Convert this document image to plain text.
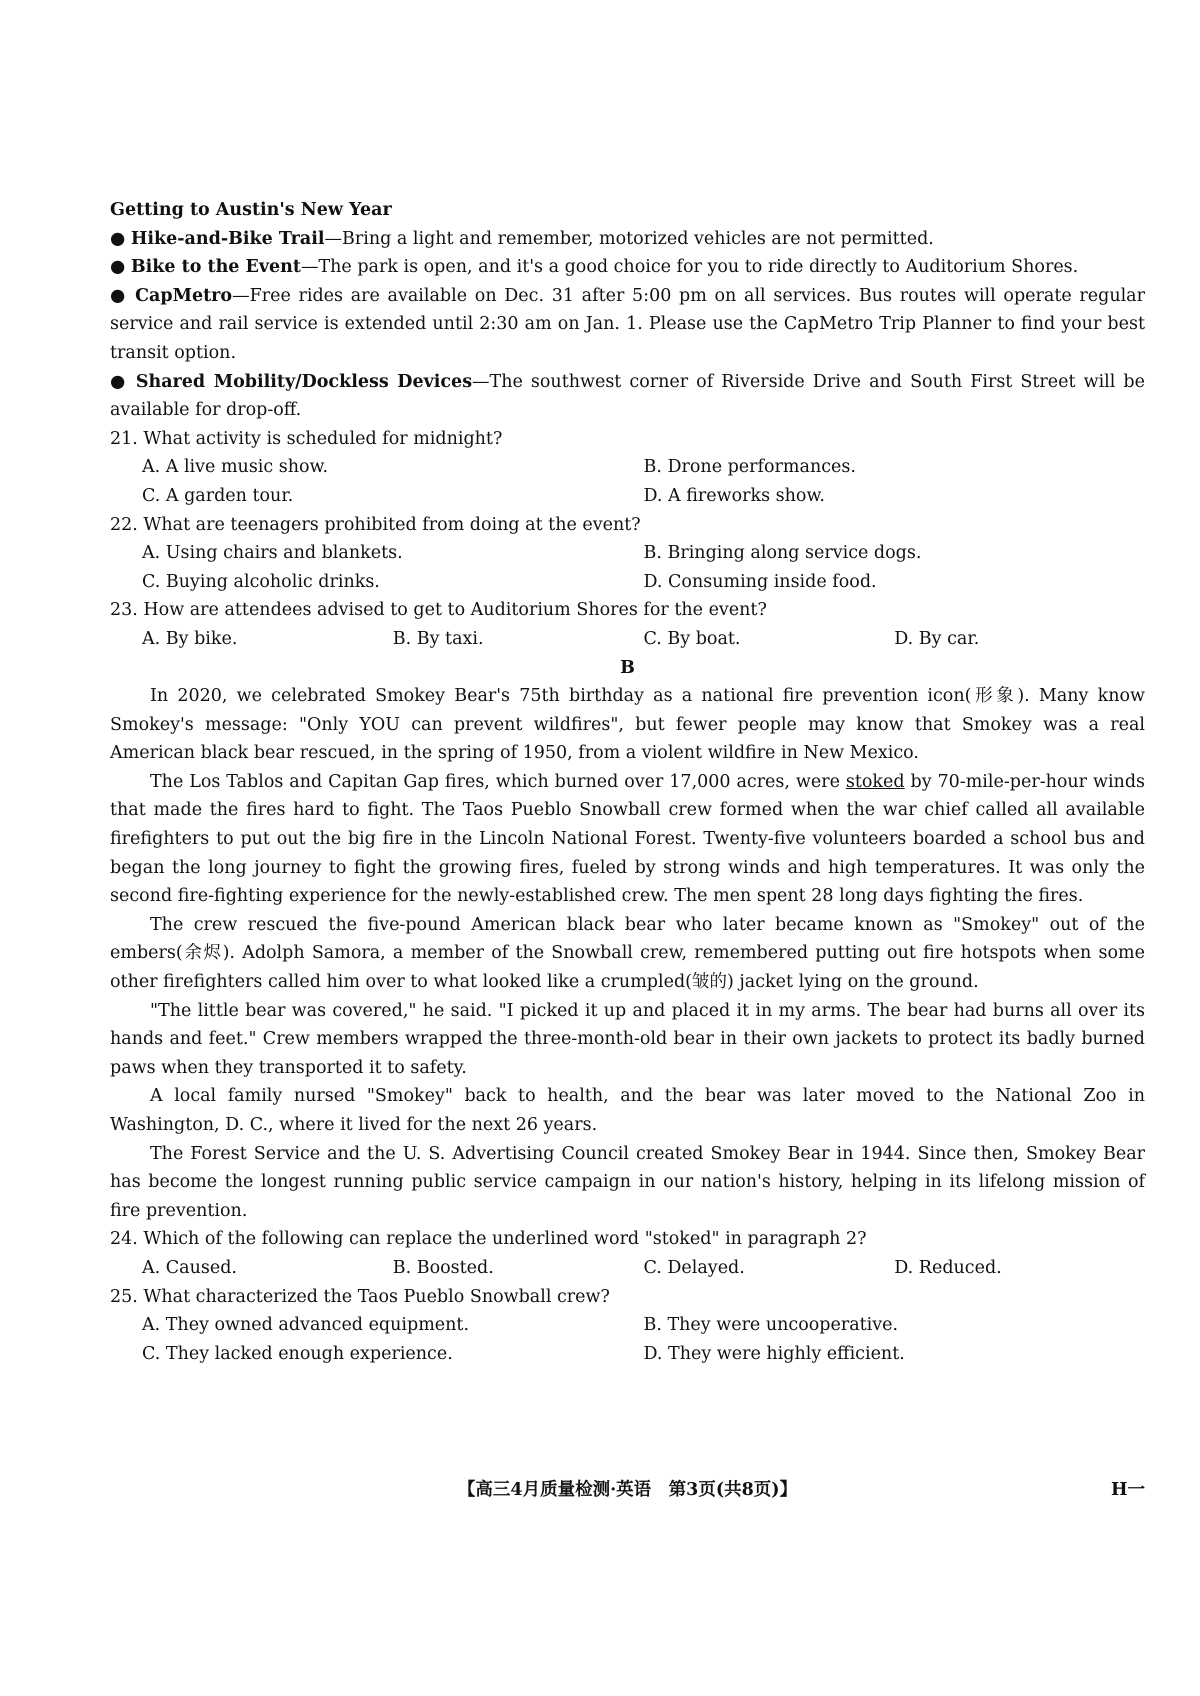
Getting to Austin's New Year
● Hike-and-Bike Trail—Bring a light and remember, motorized vehicles are not permitted.
● Bike to the Event—The park is open, and it's a good choice for you to ride directly to Auditorium Shores.
● CapMetro—Free rides are available on Dec. 31 after 5:00 pm on all services. Bus routes will operate regular service and rail service is extended until 2:30 am on Jan. 1. Please use the CapMetro Trip Planner to find your best transit option.
● Shared Mobility/Dockless Devices—The southwest corner of Riverside Drive and South First Street will be available for drop-off.
21. What activity is scheduled for midnight?
A. A live music show.	B. Drone performances.
C. A garden tour.	D. A fireworks show.
22. What are teenagers prohibited from doing at the event?
A. Using chairs and blankets.	B. Bringing along service dogs.
C. Buying alcoholic drinks.	D. Consuming inside food.
23. How are attendees advised to get to Auditorium Shores for the event?
A. By bike.	B. By taxi.	C. By boat.	D. By car.
B
In 2020, we celebrated Smokey Bear's 75th birthday as a national fire prevention icon(形象). Many know Smokey's message: "Only YOU can prevent wildfires", but fewer people may know that Smokey was a real American black bear rescued, in the spring of 1950, from a violent wildfire in New Mexico.
The Los Tablos and Capitan Gap fires, which burned over 17,000 acres, were stoked by 70-mile-per-hour winds that made the fires hard to fight. The Taos Pueblo Snowball crew formed when the war chief called all available firefighters to put out the big fire in the Lincoln National Forest. Twenty-five volunteers boarded a school bus and began the long journey to fight the growing fires, fueled by strong winds and high temperatures. It was only the second fire-fighting experience for the newly-established crew. The men spent 28 long days fighting the fires.
The crew rescued the five-pound American black bear who later became known as "Smokey" out of the embers(余烬). Adolph Samora, a member of the Snowball crew, remembered putting out fire hotspots when some other firefighters called him over to what looked like a crumpled(皱的) jacket lying on the ground.
"The little bear was covered," he said. "I picked it up and placed it in my arms. The bear had burns all over its hands and feet." Crew members wrapped the three-month-old bear in their own jackets to protect its badly burned paws when they transported it to safety.
A local family nursed "Smokey" back to health, and the bear was later moved to the National Zoo in Washington, D. C., where it lived for the next 26 years.
The Forest Service and the U. S. Advertising Council created Smokey Bear in 1944. Since then, Smokey Bear has become the longest running public service campaign in our nation's history, helping in its lifelong mission of fire prevention.
24. Which of the following can replace the underlined word "stoked" in paragraph 2?
A. Caused.	B. Boosted.	C. Delayed.	D. Reduced.
25. What characterized the Taos Pueblo Snowball crew?
A. They owned advanced equipment.	B. They were uncooperative.
C. They lacked enough experience.	D. They were highly efficient.
【高三4月质量检测·英语　第3页(共8页)】	H一
